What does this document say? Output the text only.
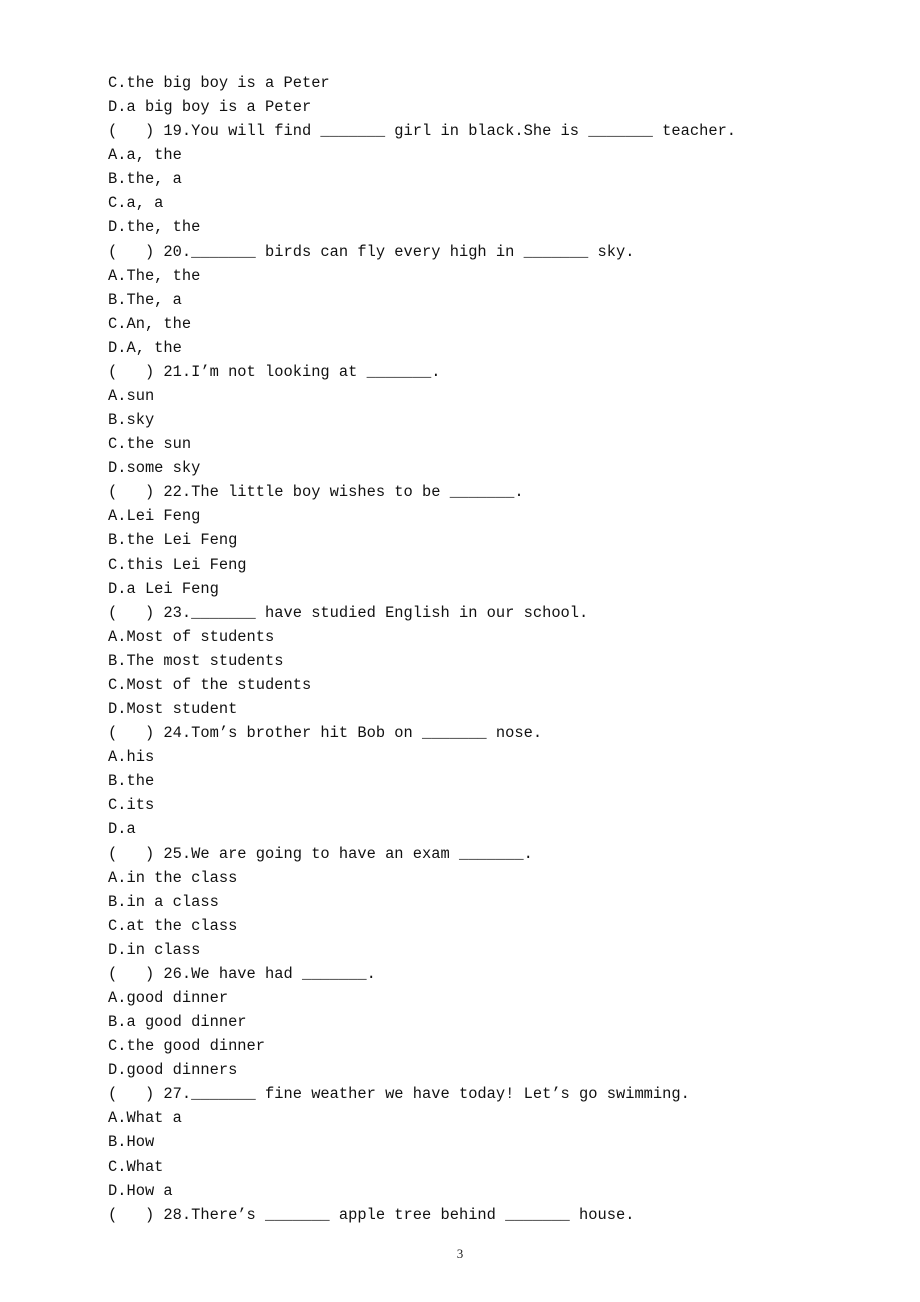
C.the big boy is a Peter
D.a big boy is a Peter
(   ) 19.You will find _______ girl in black.She is _______ teacher.
A.a, the
B.the, a
C.a, a
D.the, the
(   ) 20._______ birds can fly every high in _______ sky.
A.The, the
B.The, a
C.An, the
D.A, the
(   ) 21.I’m not looking at _______.
A.sun
B.sky
C.the sun
D.some sky
(   ) 22.The little boy wishes to be _______.
A.Lei Feng
B.the Lei Feng
C.this Lei Feng
D.a Lei Feng
(   ) 23._______ have studied English in our school.
A.Most of students
B.The most students
C.Most of the students
D.Most student
(   ) 24.Tom’s brother hit Bob on _______ nose.
A.his
B.the
C.its
D.a
(   ) 25.We are going to have an exam _______.
A.in the class
B.in a class
C.at the class
D.in class
(   ) 26.We have had _______.
A.good dinner
B.a good dinner
C.the good dinner
D.good dinners
(   ) 27._______ fine weather we have today! Let’s go swimming.
A.What a
B.How
C.What
D.How a
(   ) 28.There’s _______ apple tree behind _______ house.
3
